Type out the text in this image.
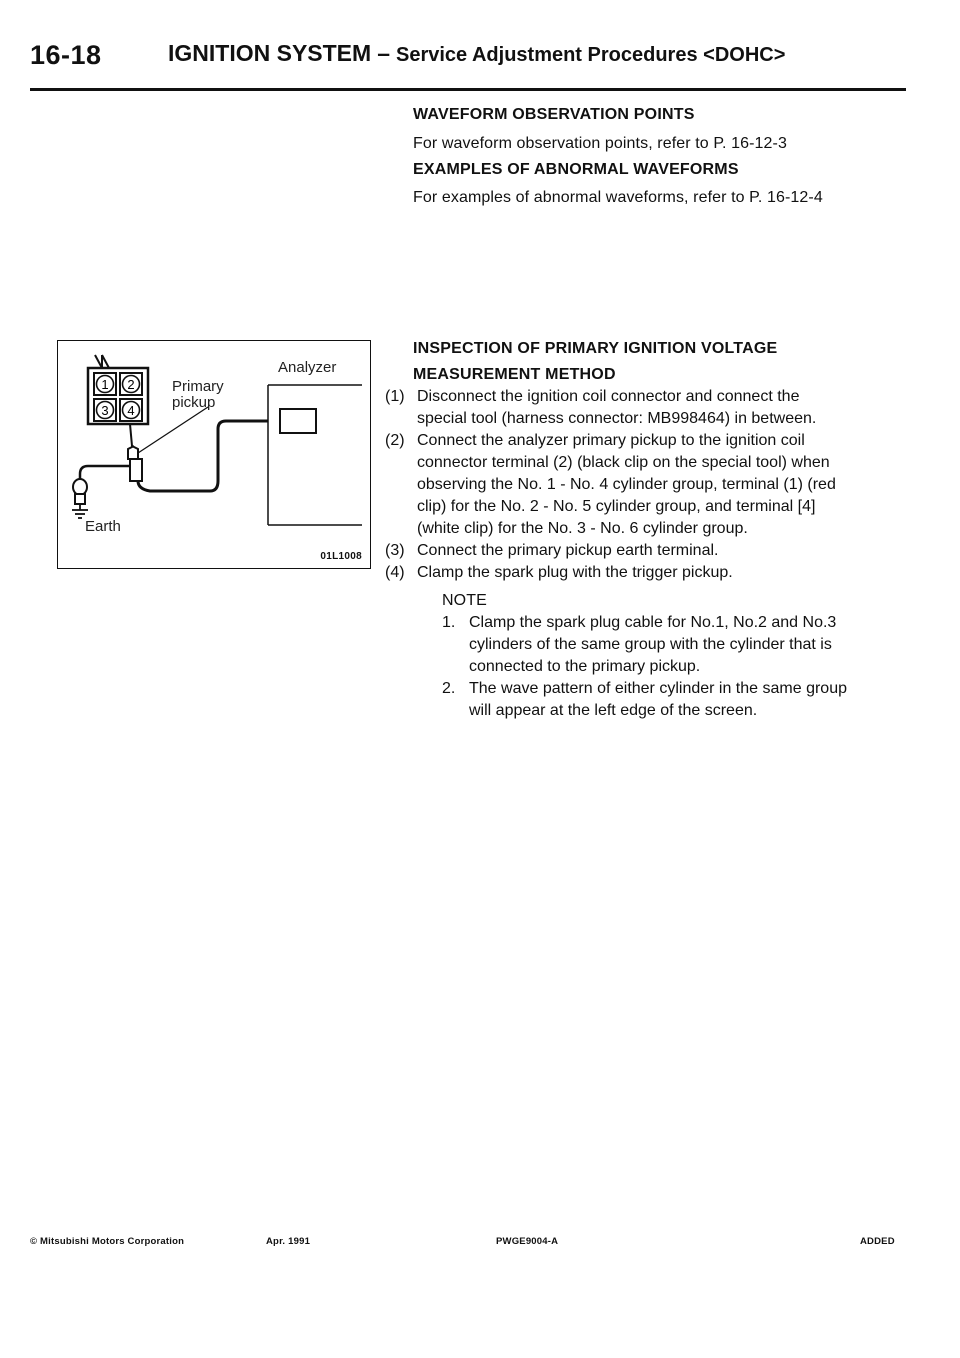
16-18	IGNITION SYSTEM – Service Adjustment Procedures <DOHC>
WAVEFORM OBSERVATION POINTS
For waveform observation points, refer to P. 16-12-3
EXAMPLES OF ABNORMAL WAVEFORMS
For examples of abnormal waveforms, refer to P. 16-12-4
1 2
3 4
Analyzer
Primary
pickup
Earth
01L1008
INSPECTION OF PRIMARY IGNITION VOLTAGE
MEASUREMENT METHOD
(1) Disconnect the ignition coil connector and connect the
special tool (harness connector: MB998464) in between.
(2) Connect the analyzer primary pickup to the ignition coil
connector terminal (2) (black clip on the special tool) when
observing the No. 1 - No. 4 cylinder group, terminal (1) (red
clip) for the No. 2 - No. 5 cylinder group, and terminal [4]
(white clip) for the No. 3 - No. 6 cylinder group.
(3) Connect the primary pickup earth terminal.
(4) Clamp the spark plug with the trigger pickup.
NOTE
1. Clamp the spark plug cable for No.1, No.2 and No.3
cylinders of the same group with the cylinder that is
connected to the primary pickup.
2. The wave pattern of either cylinder in the same group
will appear at the left edge of the screen.
© Mitsubishi Motors Corporation	Apr. 1991	PWGE9004-A	ADDED
